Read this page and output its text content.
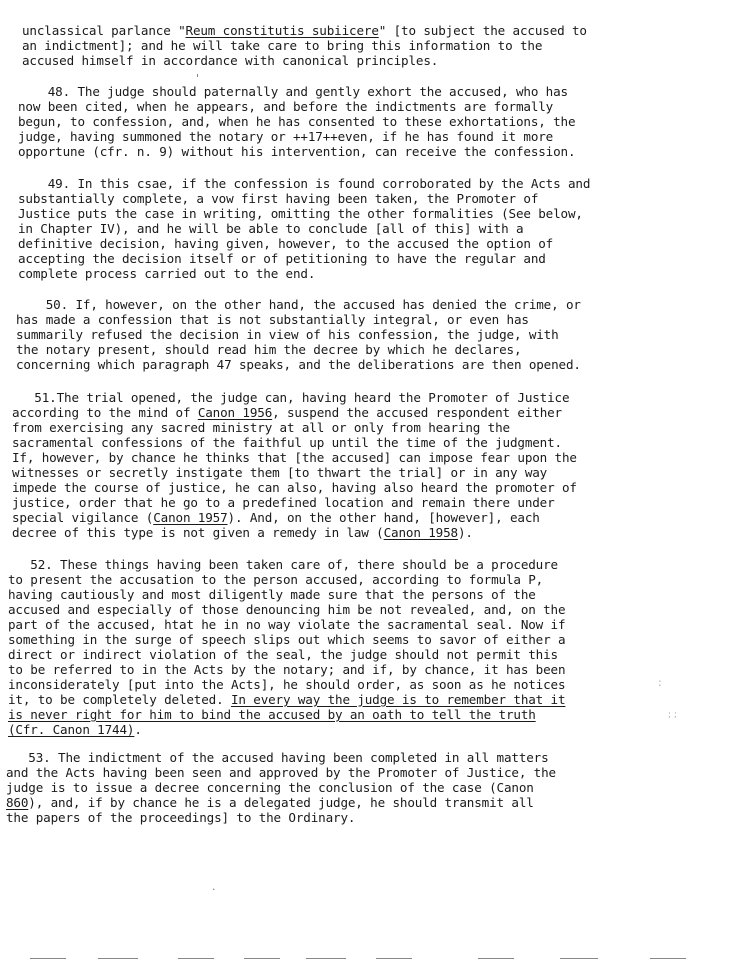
unclassical parlance "Reum constitutis subiicere" [to subject the accused to
an indictment]; and he will take care to bring this information to the
accused himself in accordance with canonical principles.
48. The judge should paternally and gently exhort the accused, who has
now been cited, when he appears, and before the indictments are formally
begun, to confession, and, when he has consented to these exhortations, the
judge, having summoned the notary or ++17++even, if he has found it more
opportune (cfr. n. 9) without his intervention, can receive the confession.
49. In this csae, if the confession is found corroborated by the Acts and
substantially complete, a vow first having been taken, the Promoter of
Justice puts the case in writing, omitting the other formalities (See below,
in Chapter IV), and he will be able to conclude [all of this] with a
definitive decision, having given, however, to the accused the option of
accepting the decision itself or of petitioning to have the regular and
complete process carried out to the end.
50. If, however, on the other hand, the accused has denied the crime, or
has made a confession that is not substantially integral, or even has
summarily refused the decision in view of his confession, the judge, with
the notary present, should read him the decree by which he declares,
concerning which paragraph 47 speaks, and the deliberations are then opened.
51.The trial opened, the judge can, having heard the Promoter of Justice
according to the mind of Canon 1956, suspend the accused respondent either
from exercising any sacred ministry at all or only from hearing the
sacramental confessions of the faithful up until the time of the judgment.
If, however, by chance he thinks that [the accused] can impose fear upon the
witnesses or secretly instigate them [to thwart the trial] or in any way
impede the course of justice, he can also, having also heard the promoter of
justice, order that he go to a predefined location and remain there under
special vigilance (Canon 1957). And, on the other hand, [however], each
decree of this type is not given a remedy in law (Canon 1958).
52. These things having been taken care of, there should be a procedure
to present the accusation to the person accused, according to formula P,
having cautiously and most diligently made sure that the persons of the
accused and especially of those denouncing him be not revealed, and, on the
part of the accused, htat he in no way violate the sacramental seal. Now if
something in the surge of speech slips out which seems to savor of either a
direct or indirect violation of the seal, the judge should not permit this
to be referred to in the Acts by the notary; and if, by chance, it has been
inconsiderately [put into the Acts], he should order, as soon as he notices
it, to be completely deleted. In every way the judge is to remember that it
is never right for him to bind the accused by an oath to tell the truth
(Cfr. Canon 1744).
53. The indictment of the accused having been completed in all matters
and the Acts having been seen and approved by the Promoter of Justice, the
judge is to issue a decree concerning the conclusion of the case (Canon
860), and, if by chance he is a delegated judge, he should transmit all
the papers of the proceedings] to the Ordinary.
'
:
; ;
.
